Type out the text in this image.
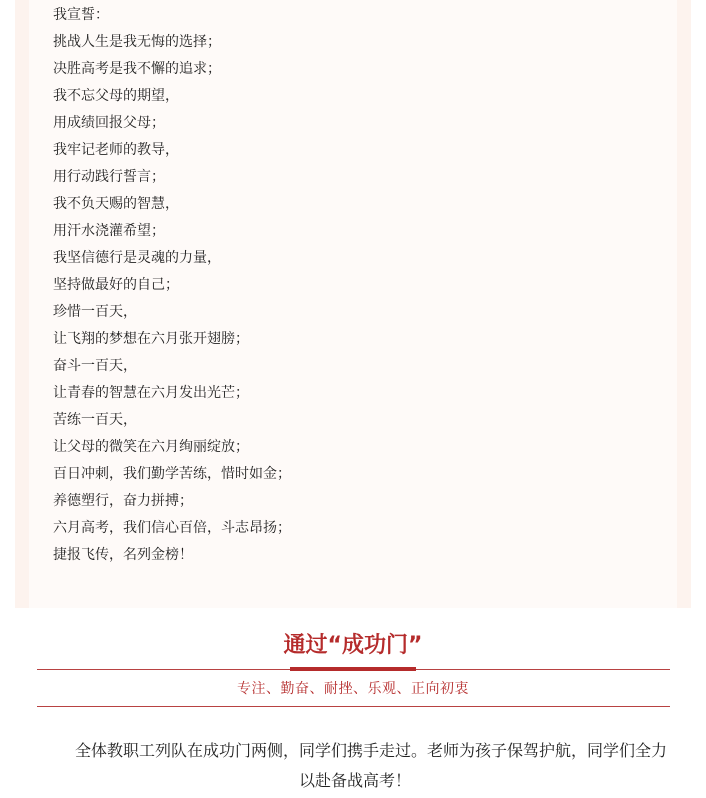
我宣誓：
挑战人生是我无悔的选择；
决胜高考是我不懈的追求；
我不忘父母的期望，
用成绩回报父母；
我牢记老师的教导，
用行动践行誓言；
我不负天赐的智慧，
用汗水浇灌希望；
我坚信德行是灵魂的力量，
坚持做最好的自己；
珍惜一百天，
让飞翔的梦想在六月张开翅膀；
奋斗一百天，
让青春的智慧在六月发出光芒；
苦练一百天，
让父母的微笑在六月绚丽绽放；
百日冲刺，我们勤学苦练，惜时如金；
养德塑行，奋力拼搏；
六月高考，我们信心百倍，斗志昂扬；
捷报飞传，名列金榜！
通过“成功门”
专注、勤奋、耐挫、乐观、正向初衷

全体教职工列队在成功门两侧，同学们携手走过。老师为孩子保驾护航，同学们全力以赴备战高考！
